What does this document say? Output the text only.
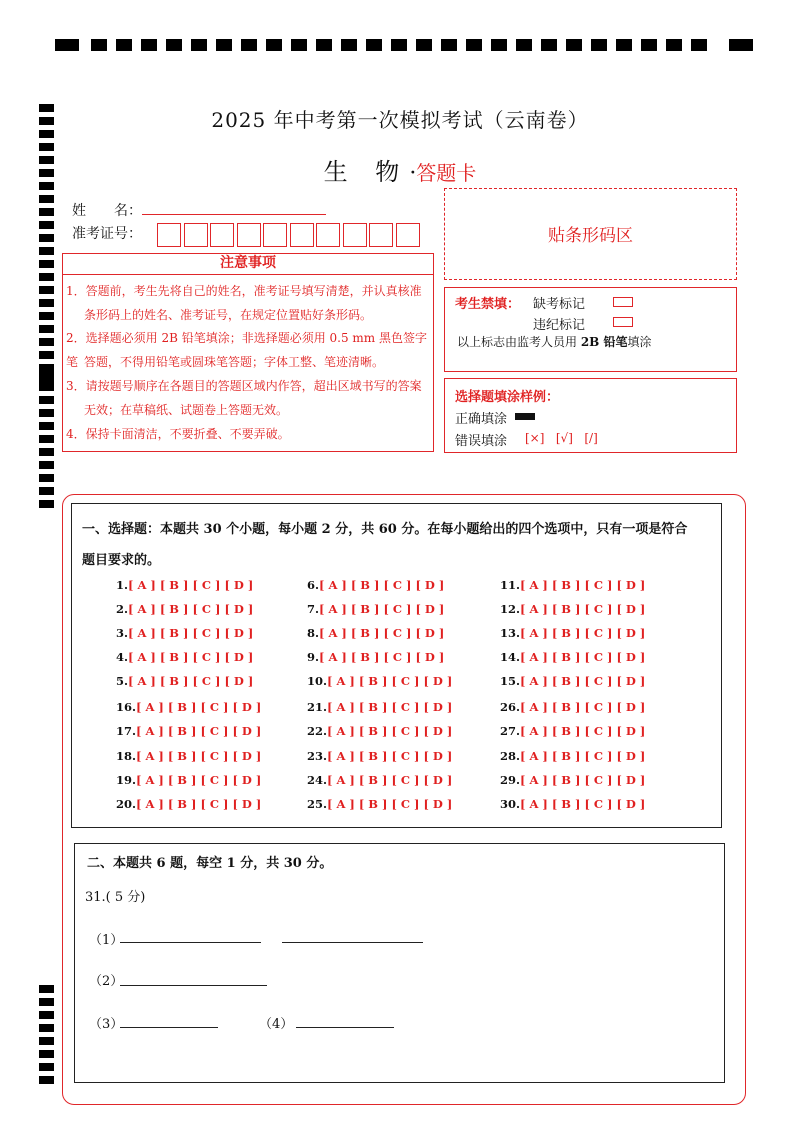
2025 年中考第一次模拟考试（云南卷）
生 物·答题卡
姓　　名：
准考证号：	贴条形码区
注意事项
1．答题前，考生先将自己的姓名，准考证号填写清楚，并认真核准
条形码上的姓名、准考证号，在规定位置贴好条形码。
2．选择题必须用 2B 铅笔填涂；非选择题必须用 0.5 mm 黑色签字笔 答题，不得用铅笔或圆珠笔答题；字体工整、笔迹清晰。
3．请按题号顺序在各题目的答题区域内作答，超出区域书写的答案
无效；在草稿纸、试题卷上答题无效。
4．保持卡面清洁，不要折叠、不要弄破。
考生禁填： 缺考标记
违纪标记
以上标志由监考人员用 2B 铅笔填涂
选择题填涂样例：
正确填涂
错误填涂 [×] [√] [/]
一、选择题：本题共 30 个小题，每小题 2 分，共 60 分。在每小题给出的四个选项中，只有一项是符合
题目要求的。
1.[ A ] [ B ] [ C ] [ D ]
2.[ A ] [ B ] [ C ] [ D ]
3.[ A ] [ B ] [ C ] [ D ]
4.[ A ] [ B ] [ C ] [ D ]
5.[ A ] [ B ] [ C ] [ D ]
6.[ A ] [ B ] [ C ] [ D ]
7.[ A ] [ B ] [ C ] [ D ]
8.[ A ] [ B ] [ C ] [ D ]
9.[ A ] [ B ] [ C ] [ D ]
10.[ A ] [ B ] [ C ] [ D ]
11.[ A ] [ B ] [ C ] [ D ]
12.[ A ] [ B ] [ C ] [ D ]
13.[ A ] [ B ] [ C ] [ D ]
14.[ A ] [ B ] [ C ] [ D ]
15.[ A ] [ B ] [ C ] [ D ]
16.[ A ] [ B ] [ C ] [ D ]
17.[ A ] [ B ] [ C ] [ D ]
18.[ A ] [ B ] [ C ] [ D ]
19.[ A ] [ B ] [ C ] [ D ]
20.[ A ] [ B ] [ C ] [ D ]
21.[ A ] [ B ] [ C ] [ D ]
22.[ A ] [ B ] [ C ] [ D ]
23.[ A ] [ B ] [ C ] [ D ]
24.[ A ] [ B ] [ C ] [ D ]
25.[ A ] [ B ] [ C ] [ D ]
26.[ A ] [ B ] [ C ] [ D ]
27.[ A ] [ B ] [ C ] [ D ]
28.[ A ] [ B ] [ C ] [ D ]
29.[ A ] [ B ] [ C ] [ D ]
30.[ A ] [ B ] [ C ] [ D ]
二、本题共 6 题，每空 1 分，共 30 分。
31.( 5 分)
（1）
（2）
（3）	（4）
